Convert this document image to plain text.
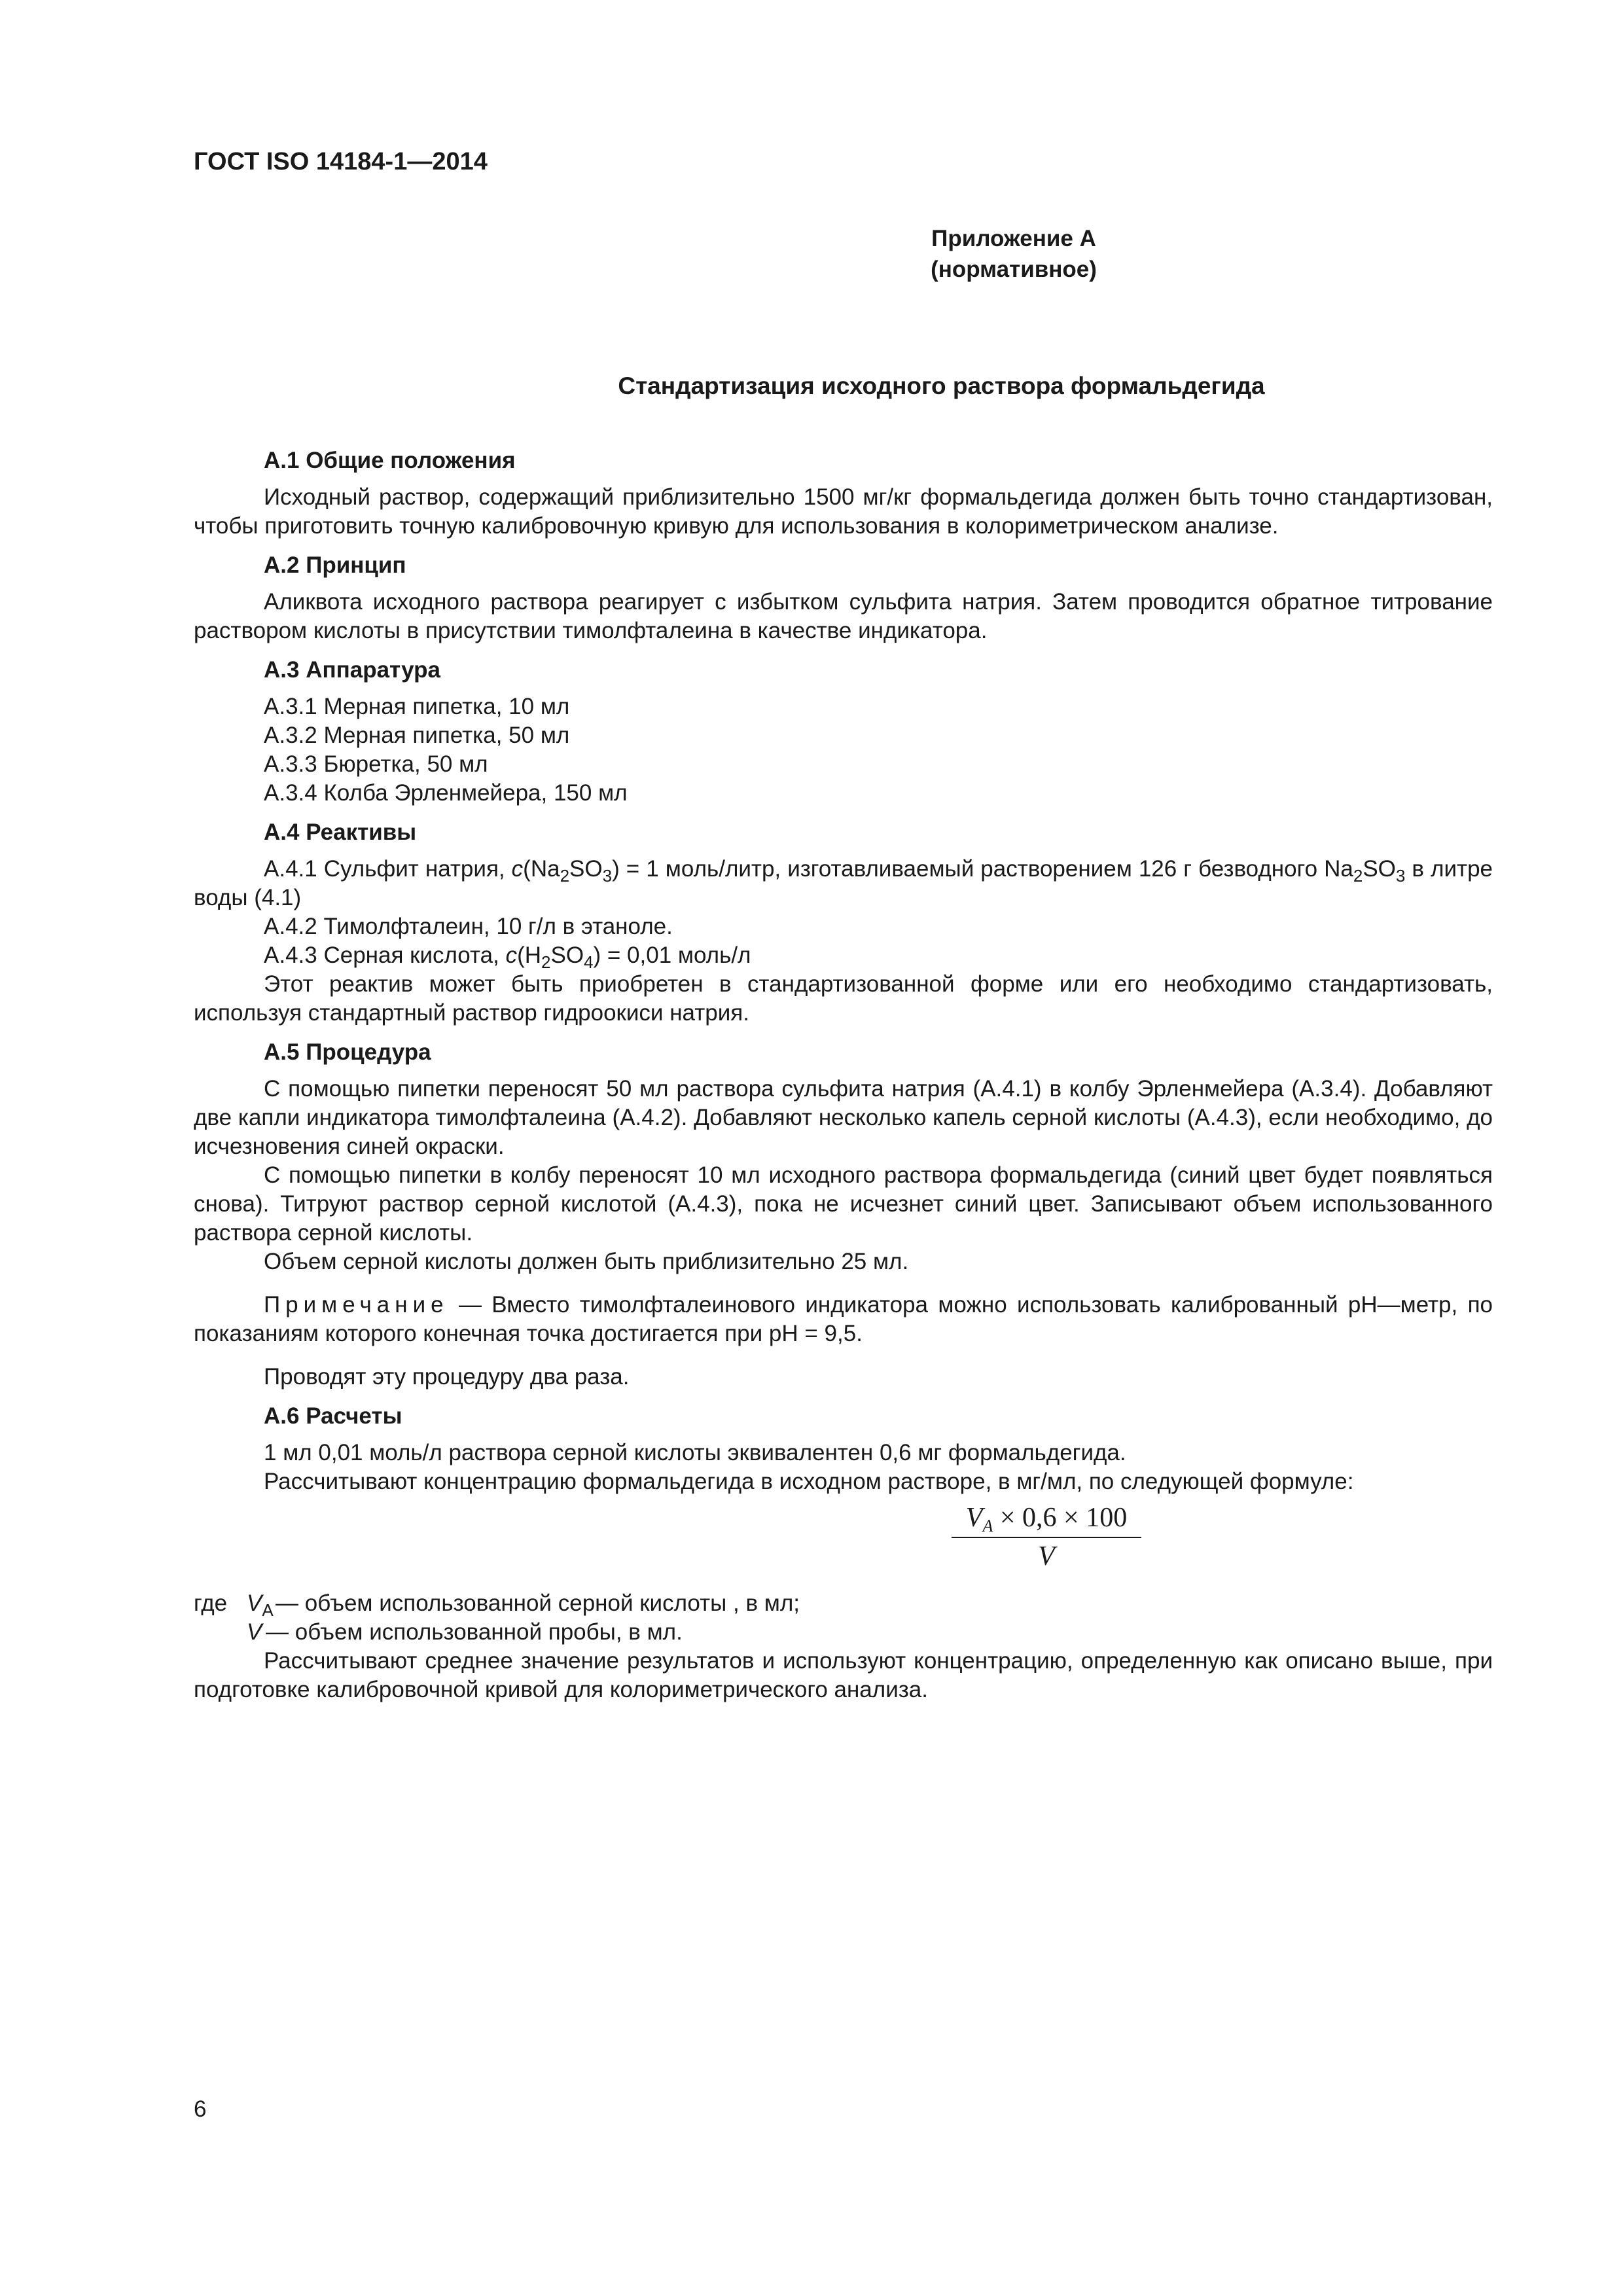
ГОСТ ISO 14184-1—2014
Приложение А
(нормативное)
Стандартизация исходного раствора формальдегида
А.1 Общие положения

Исходный раствор, содержащий приблизительно 1500 мг/кг формальдегида должен быть точно стандартизован, чтобы приготовить точную калибровочную кривую для использования в колориметрическом анализе.

А.2 Принцип

Аликвота исходного раствора реагирует с избытком сульфита натрия. Затем проводится обратное титрование раствором кислоты в присутствии тимолфталеина в качестве индикатора.

А.3 Аппаратура

А.3.1 Мерная пипетка, 10 мл

А.3.2 Мерная пипетка, 50 мл

А.3.3 Бюретка, 50 мл

А.3.4 Колба Эрленмейера, 150 мл

А.4 Реактивы

А.4.1 Сульфит натрия, $c(Na_2SO_3) = 1$ моль/литр, изготавливаемый растворением 126 г безводного $Na_2SO_3$ в литре воды (4.1)

А.4.2 Тимолфталеин, 10 г/л в этаноле.

А.4.3 Серная кислота, $c(H_2SO_4) = 0,01$ моль/л

Этот реактив может быть приобретен в стандартизованной форме или его необходимо стандартизовать, используя стандартный раствор гидроокиси натрия.

А.5 Процедура

С помощью пипетки переносят 50 мл раствора сульфита натрия (А.4.1) в колбу Эрленмейера (А.3.4). Добавляют две капли индикатора тимолфталеина (А.4.2). Добавляют несколько капель серной кислоты (А.4.3), если необходимо, до исчезновения синей окраски.

С помощью пипетки в колбу переносят 10 мл исходного раствора формальдегида (синий цвет будет появляться снова). Титруют раствор серной кислотой (А.4.3), пока не исчезнет синий цвет. Записывают объем использованного раствора серной кислоты.

Объем серной кислоты должен быть приблизительно 25 мл.

Примечание — Вместо тимолфталеинового индикатора можно использовать калиброванный pH—метр, по показаниям которого конечная точка достигается при pH = 9,5.

Проводят эту процедуру два раза.

А.6 Расчеты

1 мл 0,01 моль/л раствора серной кислоты эквивалентен 0,6 мг формальдегида.

Рассчитывают концентрацию формальдегида в исходном растворе, в мг/мл, по следующей формуле:

$\frac{V_A \times 0,6 \times 100}{V}$
где $V_A$ — объем использованной серной кислоты , в мл;
V — объем использованной пробы, в мл.

Рассчитывают среднее значение результатов и используют концентрацию, определенную как описано выше, при подготовке калибровочной кривой для колориметрического анализа.

6
